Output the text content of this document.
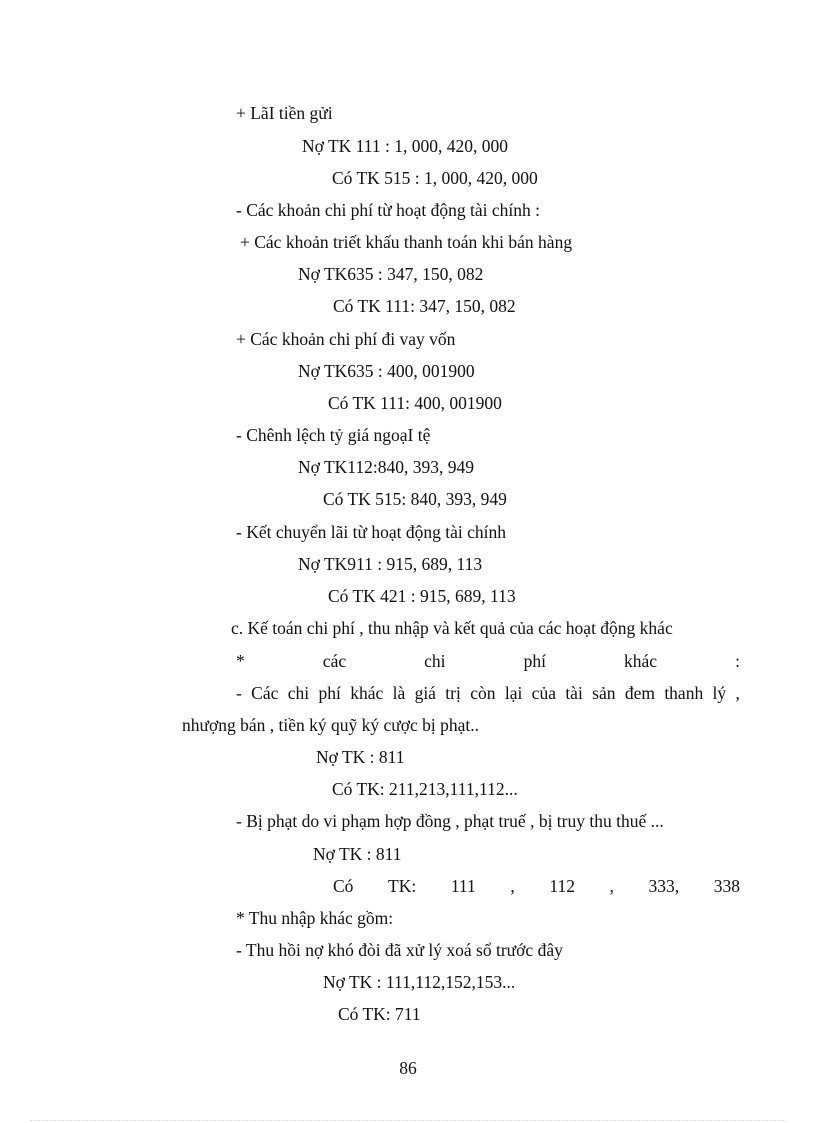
+ LãI tiền gửi
Nợ TK 111 : 1, 000, 420, 000
Có TK 515 : 1, 000, 420, 000
- Các khoản chi phí từ hoạt động tài chính :
+ Các khoản triết khấu thanh toán khi bán hàng
Nợ TK635 : 347, 150, 082
Có TK 111: 347, 150, 082
+ Các khoản chi phí đi vay vốn
Nợ TK635 : 400, 001900
Có TK 111: 400, 001900
- Chênh lệch tỷ giá ngoạI tệ
Nợ TK112:840, 393, 949
Có TK 515: 840, 393, 949
- Kết chuyển lãi từ hoạt động tài chính
Nợ TK911 : 915, 689, 113
Có TK 421 : 915, 689, 113
c. Kế toán chi phí , thu nhập và kết quả của các hoạt động khác
*	các	chi	phí	khác	:
- Các chi phí khác là giá trị còn lại của tài sản đem thanh lý ,
nhượng bán , tiền ký quỹ ký cược bị phạt..
Nợ TK : 811
Có TK: 211,213,111,112...
- Bị phạt do vi phạm hợp đồng , phạt truế , bị truy thu thuế ...
Nợ TK : 811
Có TK: 111 , 112 , 333, 338
* Thu nhập khác gồm:
- Thu hồi nợ khó đòi đã xử lý xoá sổ trước đây
Nợ TK : 111,112,152,153...
Có TK: 711
86
